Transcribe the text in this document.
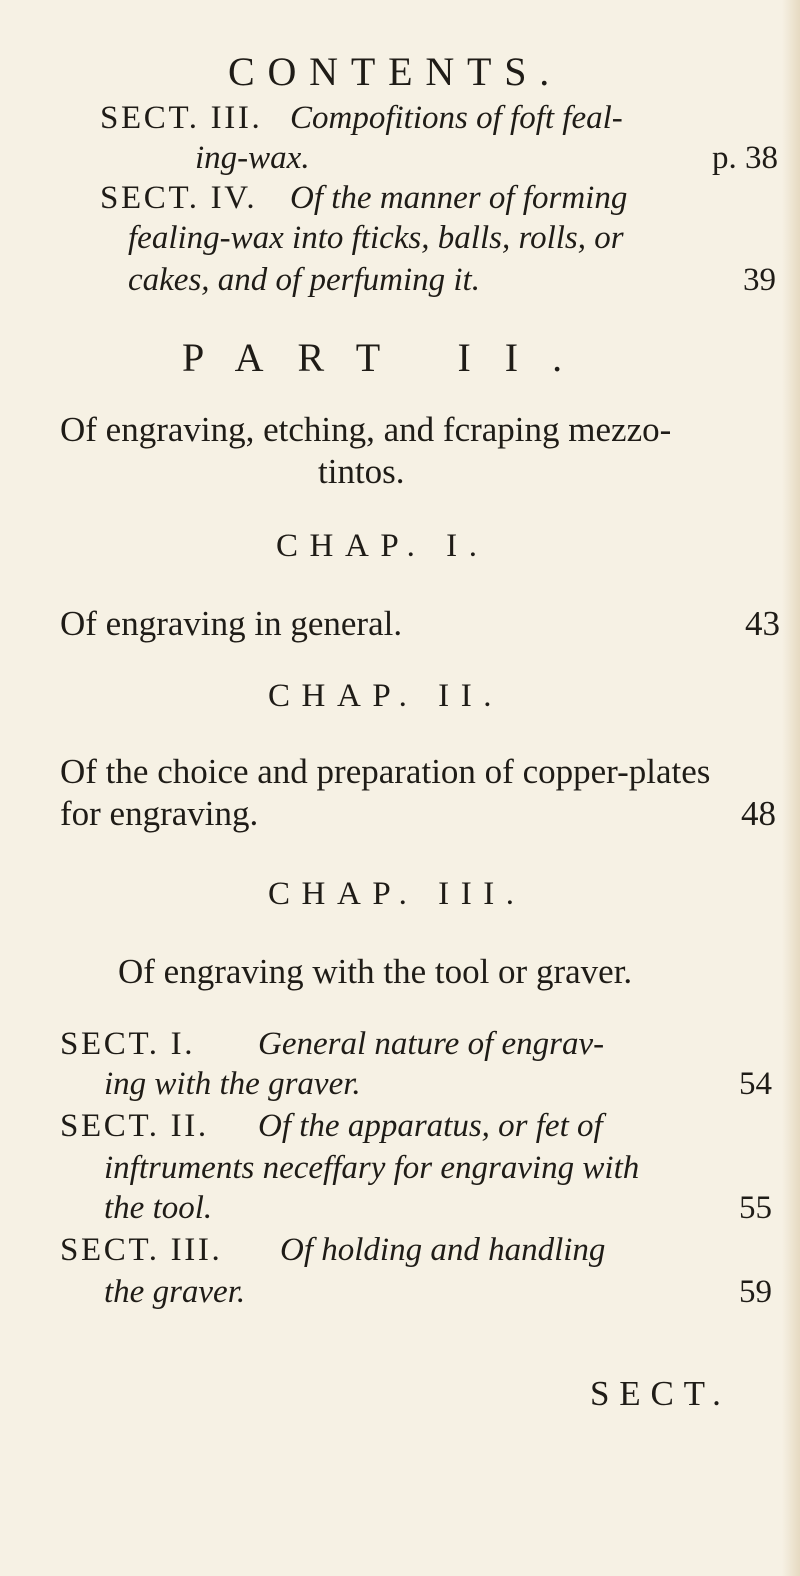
CONTENTS.
SECT. III. Compofitions of foft feal-
ing-wax.	p. 38
SECT. IV. Of the manner of forming
fealing-wax into fticks, balls, rolls, or
cakes, and of perfuming it.	39
PART II.
Of engraving, etching, and fcraping mezzo-
tintos.
CHAP. I.
Of engraving in general.	43
CHAP. II.
Of the choice and preparation of copper-plates
for engraving.	48
CHAP. III.
Of engraving with the tool or graver.
SECT. I. General nature of engrav-
ing with the graver.	54
SECT. II. Of the apparatus, or fet of
inftruments neceffary for engraving with
the tool.	55
SECT. III. Of holding and handling
the graver.	59
SECT.
